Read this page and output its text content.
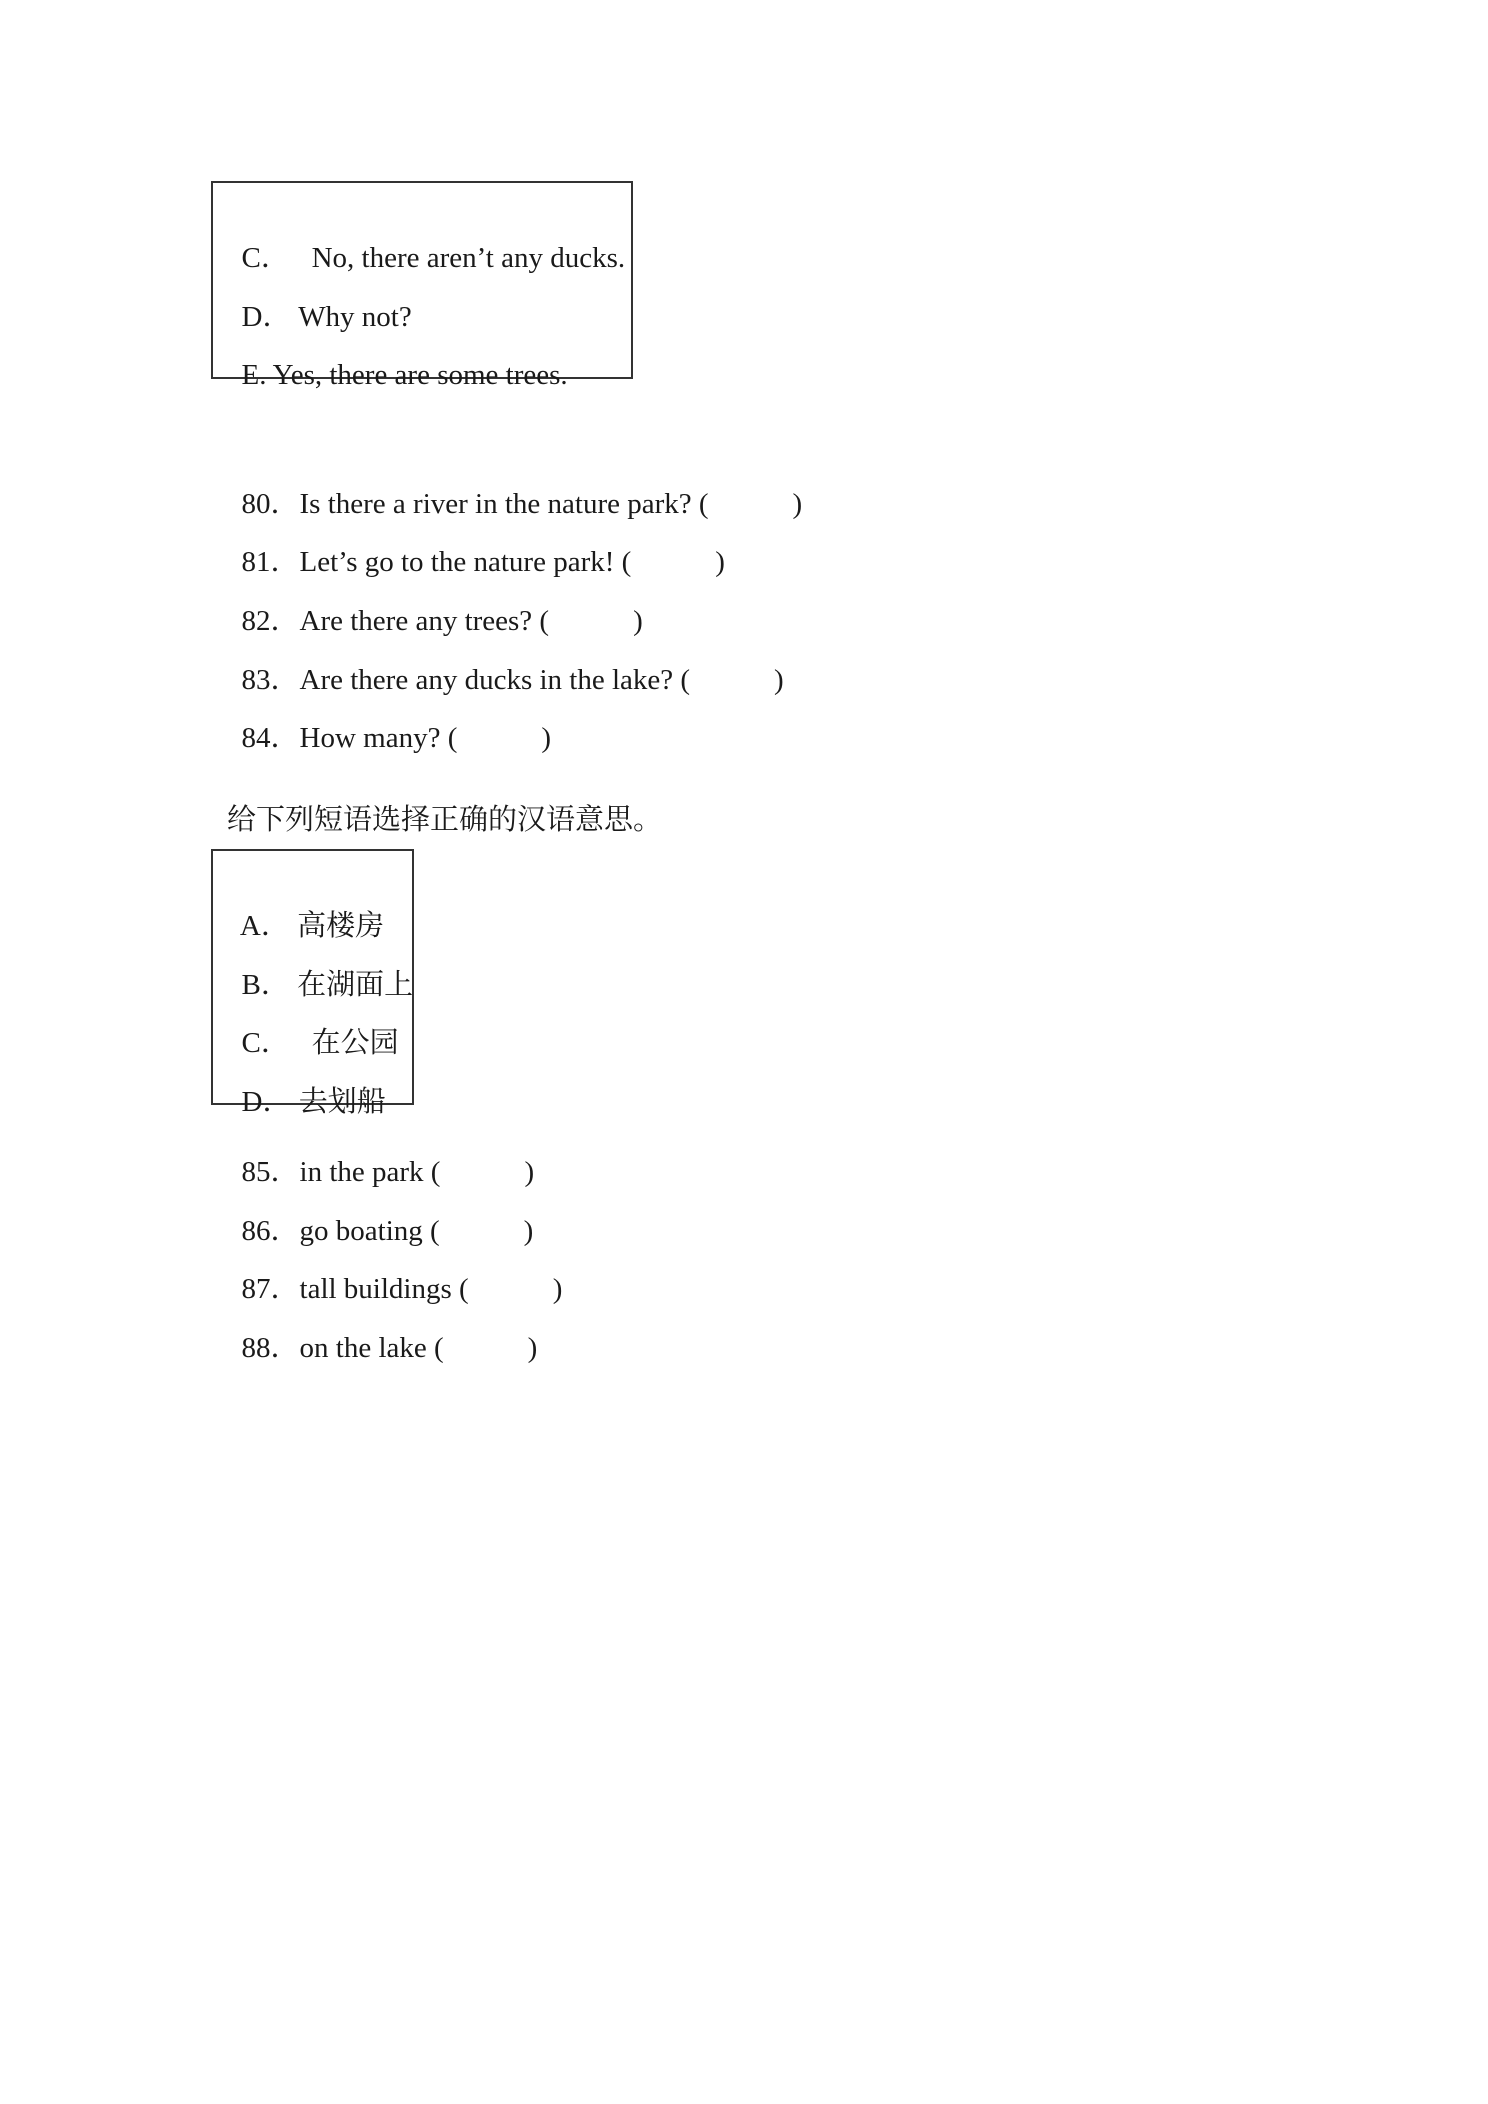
C． No, there aren’t any ducks.

D． Why not?

E. Yes, there are some trees.

80．Is there a river in the nature park? (	)

81．Let’s go to the nature park! (	)

82．Are there any trees? (	)

83．Are there any ducks in the lake? (	)

84．How many? (	)

给下列短语选择正确的汉语意思。

A． 高楼房

B． 在湖面上

C． 在公园

D． 去划船

85．in the park (	)

86．go boating (	)

87．tall buildings (	)

88．on the lake (	)
